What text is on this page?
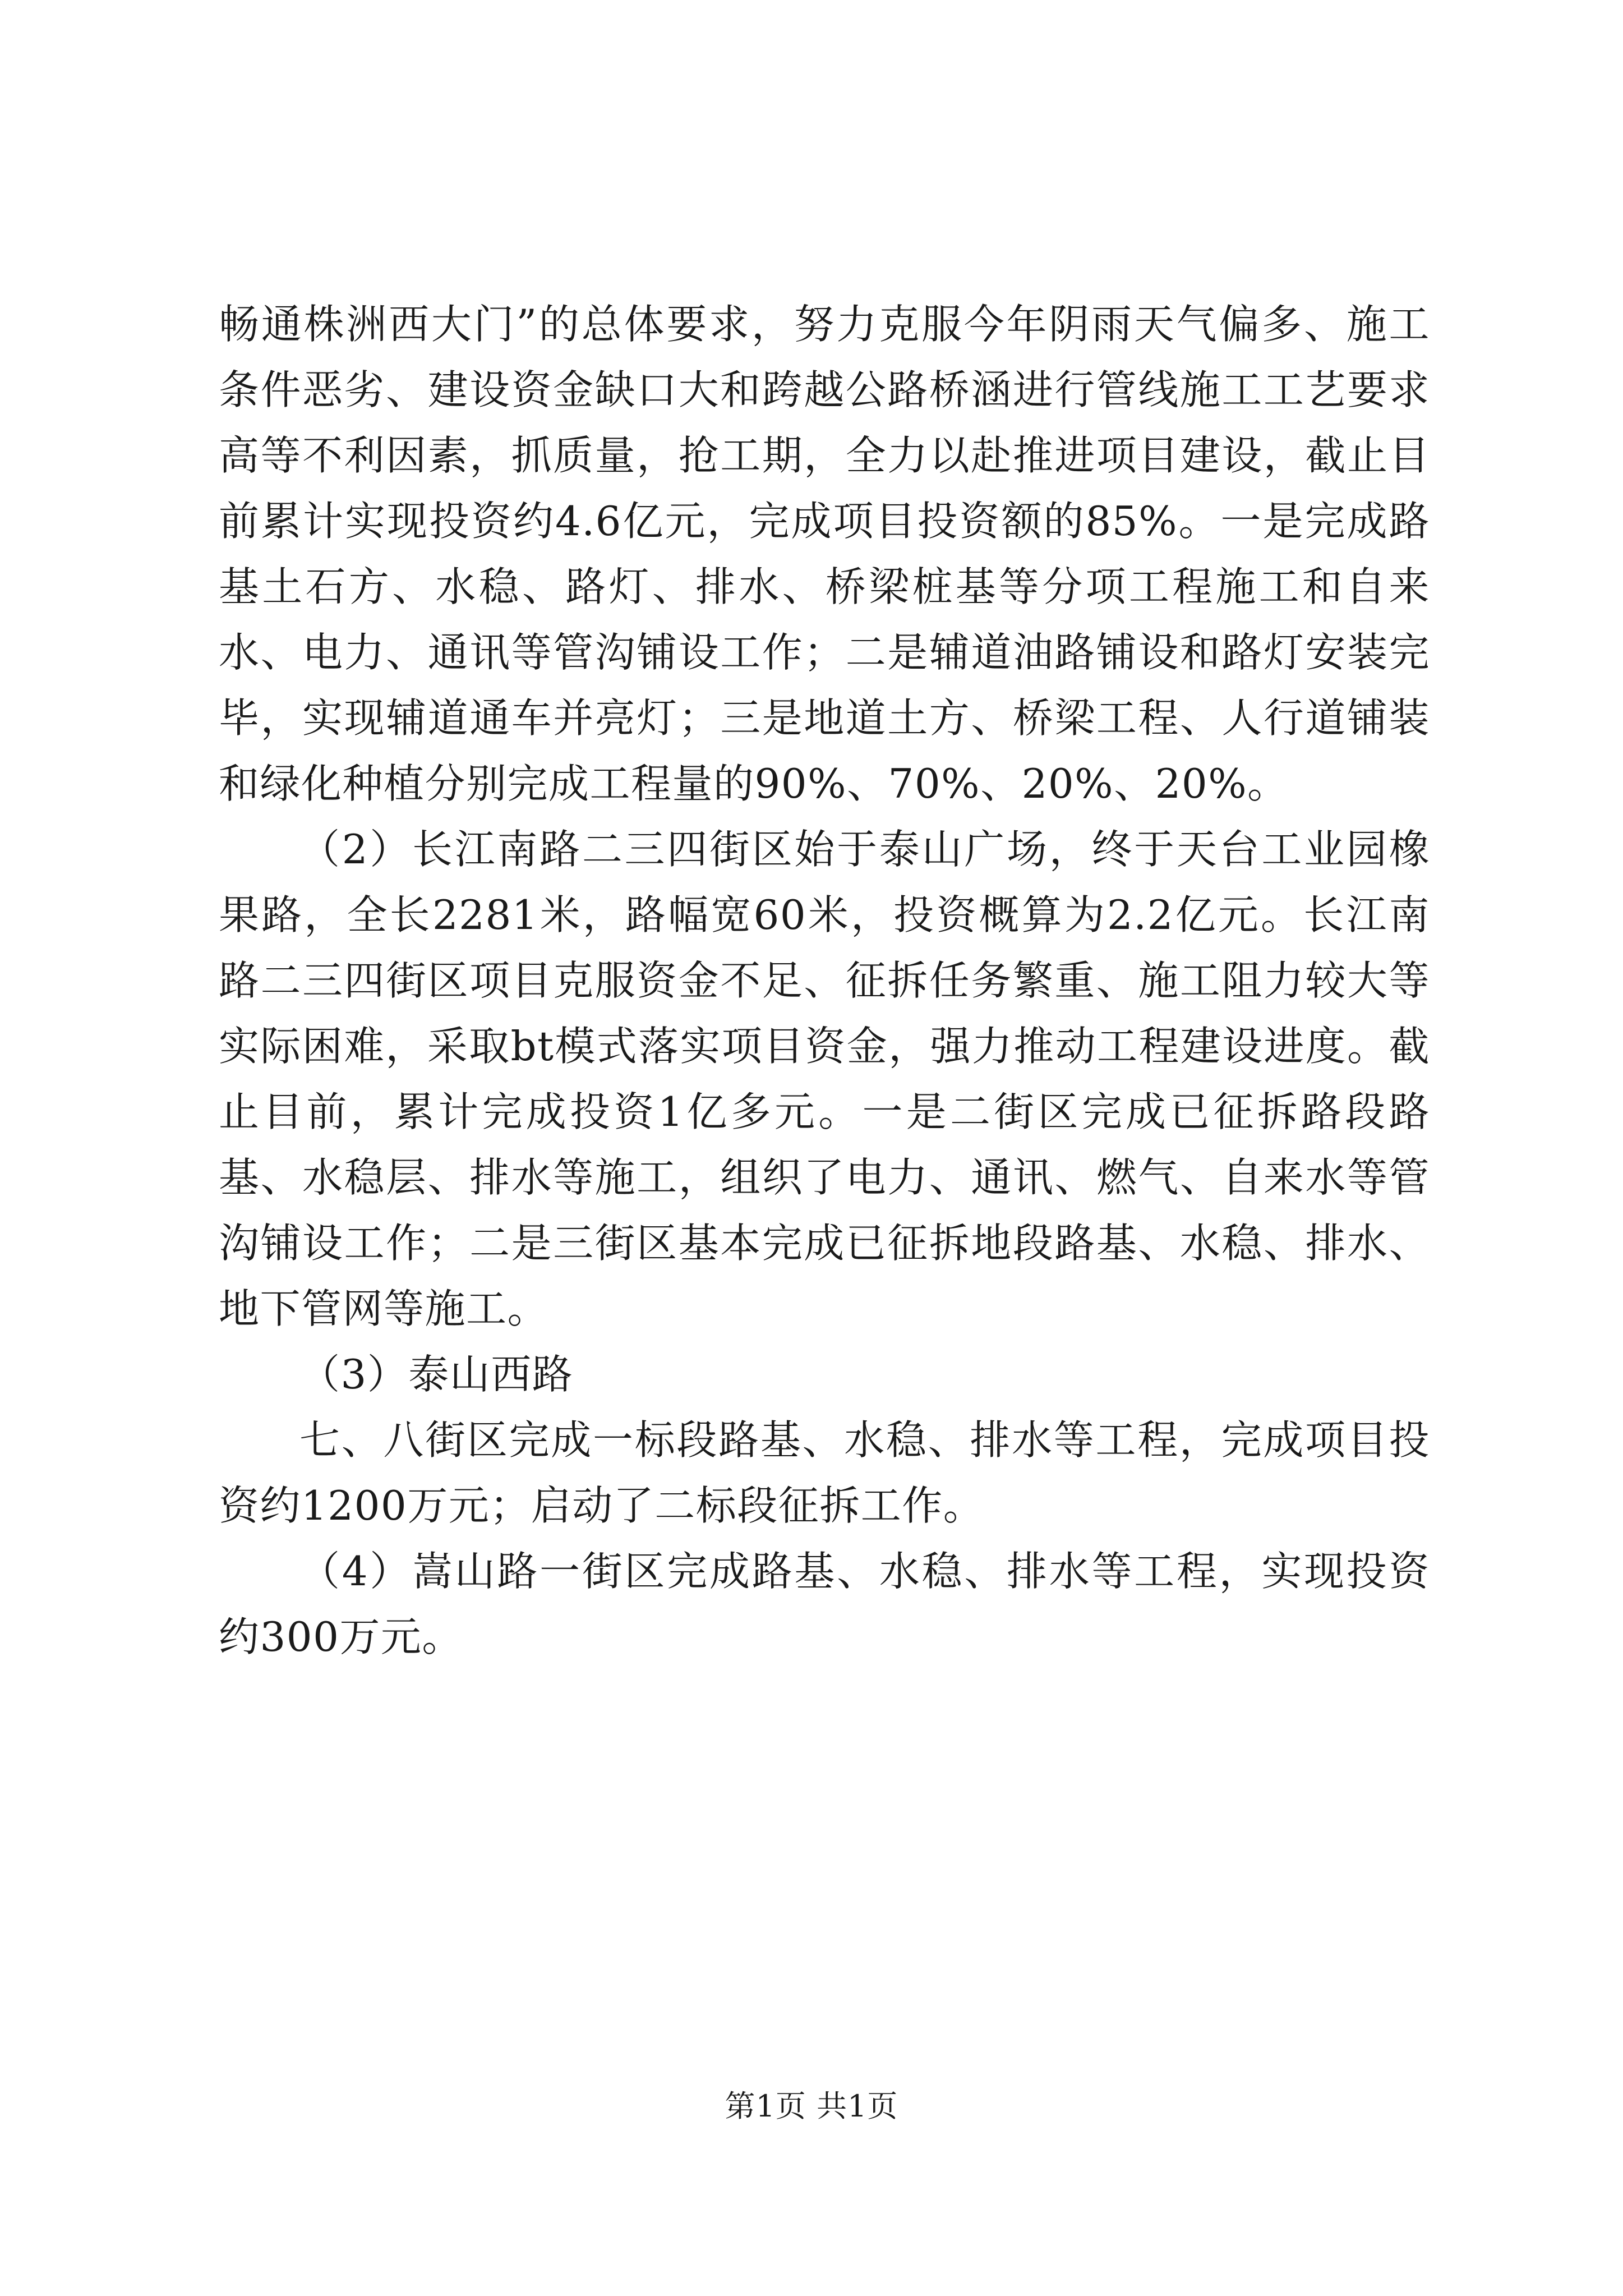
畅通株洲西大门”的总体要求，努力克服今年阴雨天气偏多、施工条件恶劣、建设资金缺口大和跨越公路桥涵进行管线施工工艺要求高等不利因素，抓质量，抢工期，全力以赴推进项目建设，截止目前累计实现投资约4.6亿元，完成项目投资额的85%。一是完成路基土石方、水稳、路灯、排水、桥梁桩基等分项工程施工和自来水、电力、通讯等管沟铺设工作；二是辅道油路铺设和路灯安装完毕，实现辅道通车并亮灯；三是地道土方、桥梁工程、人行道铺装和绿化种植分别完成工程量的90%、70%、20%、20%。

（2）长江南路二三四街区始于泰山广场，终于天台工业园橡果路，全长2281米，路幅宽60米，投资概算为2.2亿元。长江南路二三四街区项目克服资金不足、征拆任务繁重、施工阻力较大等实际困难，采取bt模式落实项目资金，强力推动工程建设进度。截止目前，累计完成投资1亿多元。一是二街区完成已征拆路段路基、水稳层、排水等施工，组织了电力、通讯、燃气、自来水等管沟铺设工作；二是三街区基本完成已征拆地段路基、水稳、排水、地下管网等施工。

（3）泰山西路

七、八街区完成一标段路基、水稳、排水等工程，完成项目投资约1200万元；启动了二标段征拆工作。

（4）嵩山路一街区完成路基、水稳、排水等工程，实现投资约300万元。

第1页 共1页
